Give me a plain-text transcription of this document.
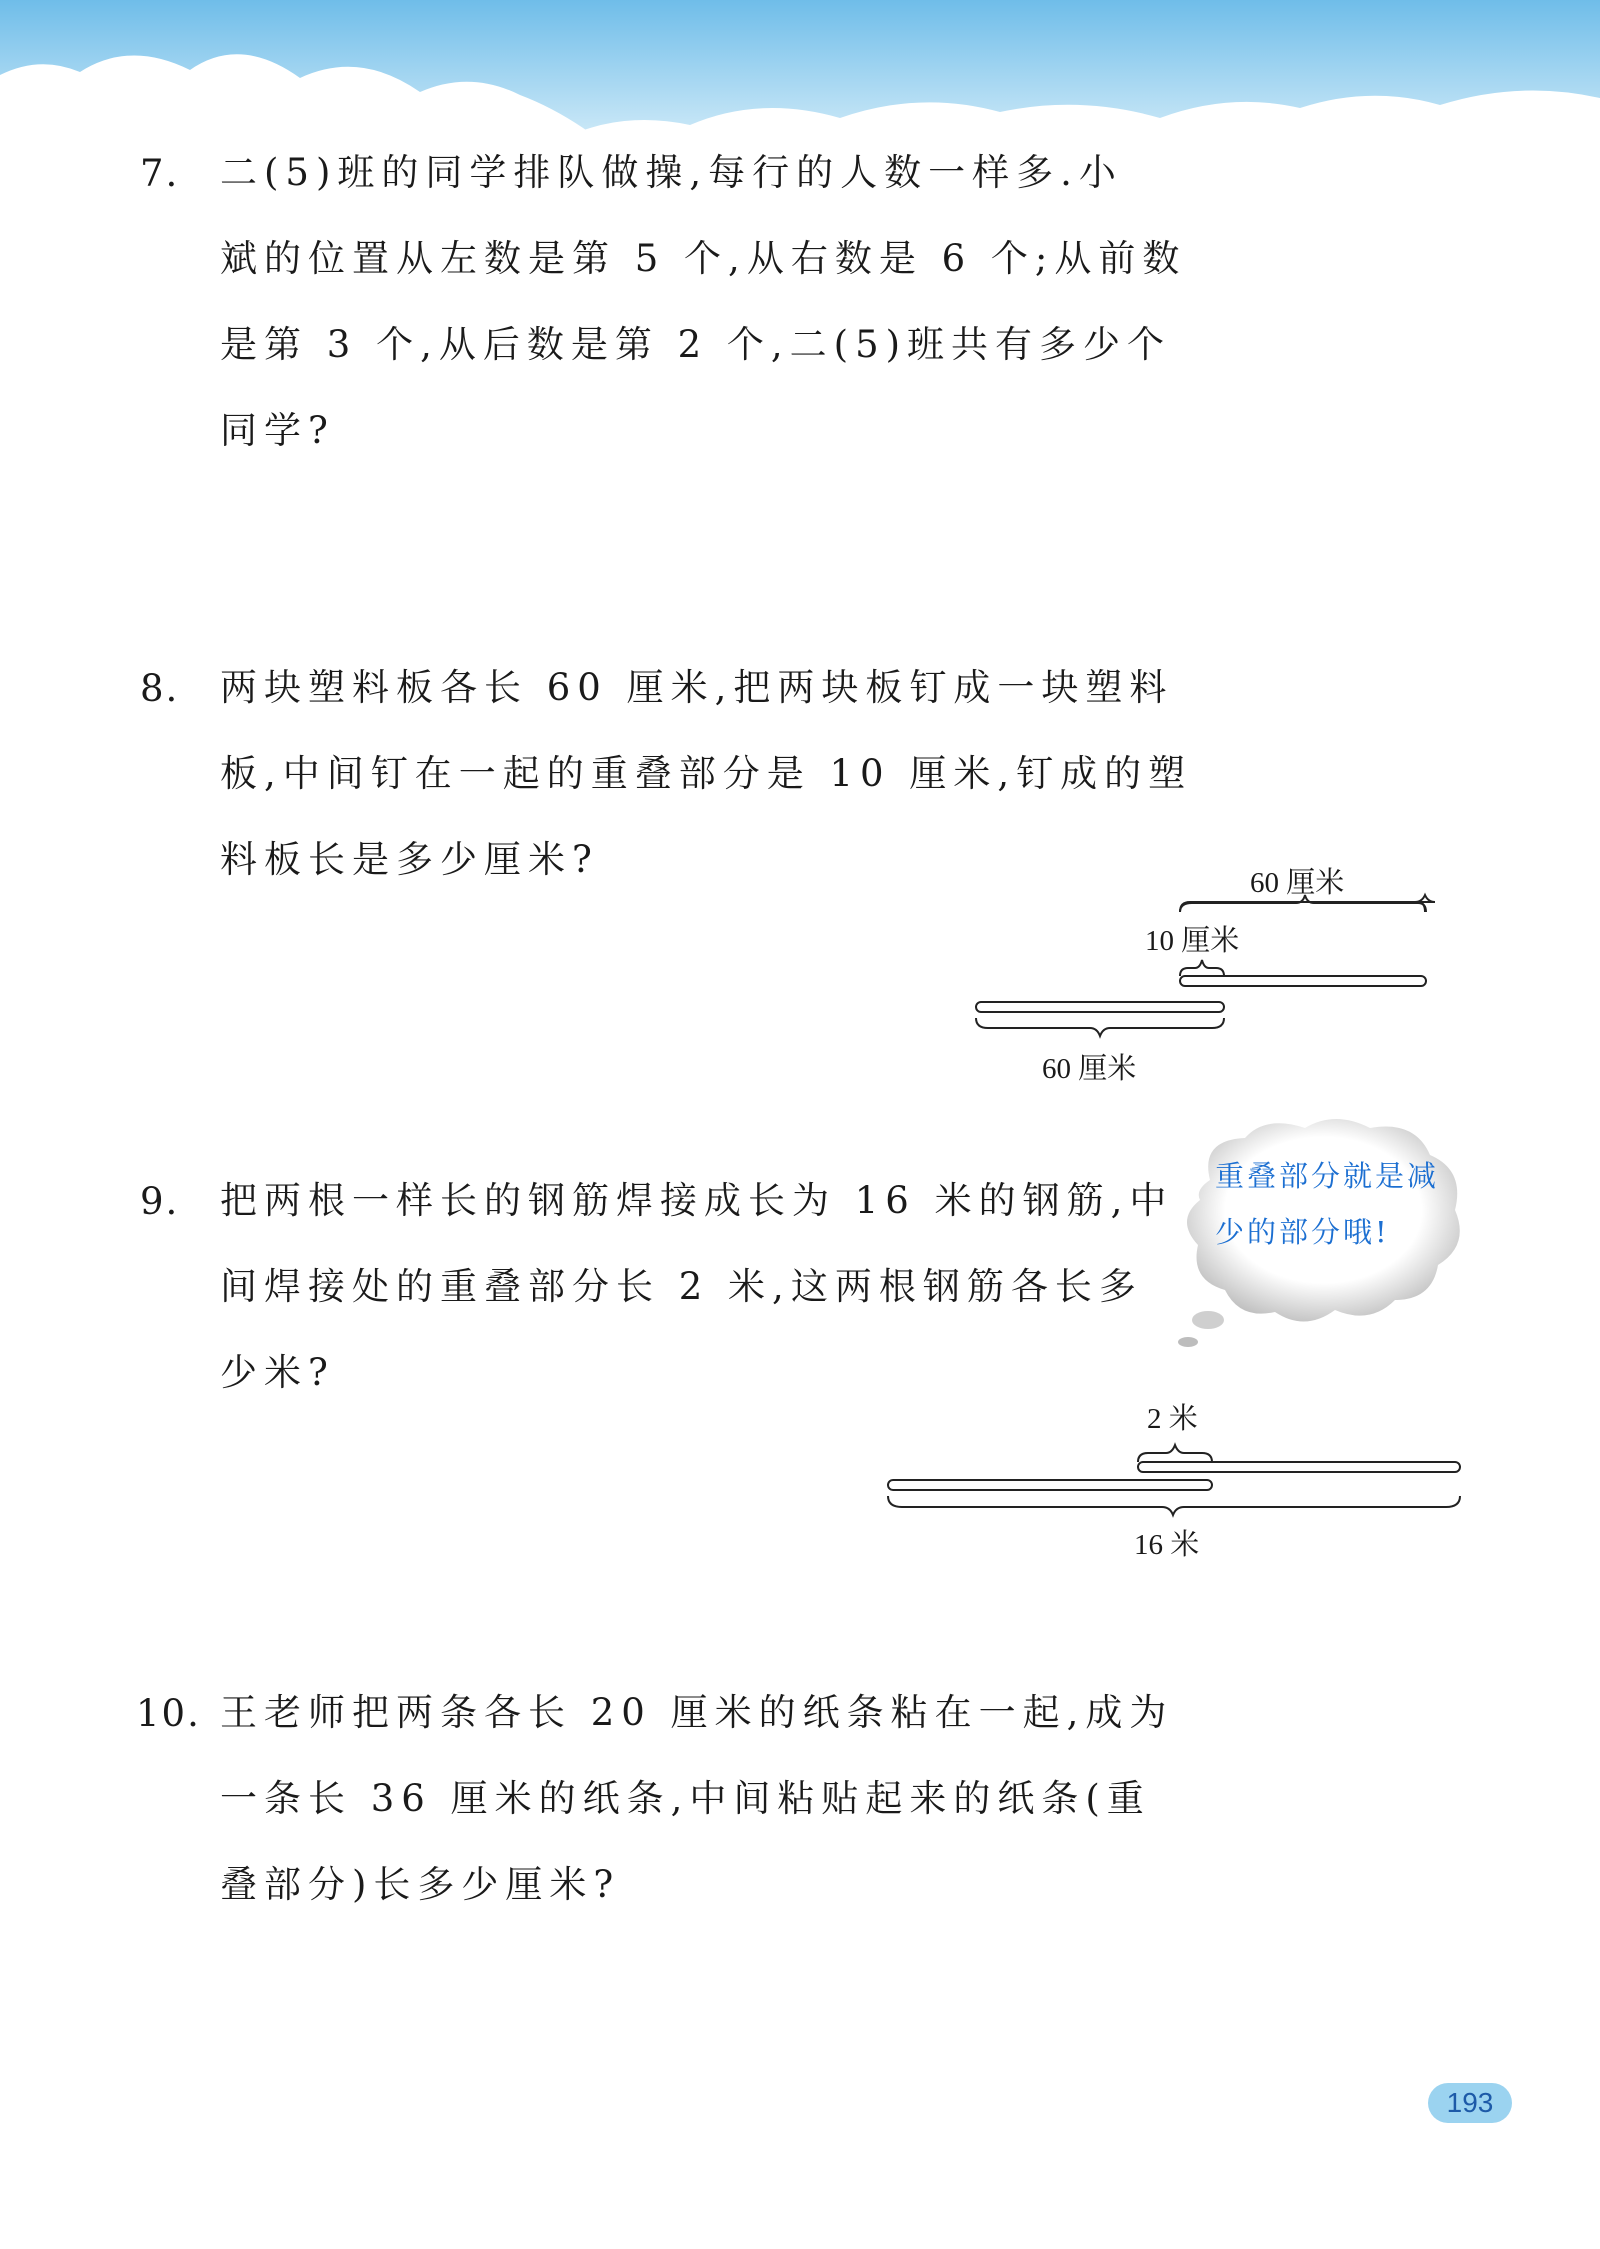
7. 二(5)班的同学排队做操,每行的人数一样多.小
斌的位置从左数是第 5 个,从右数是 6 个;从前数
是第 3 个,从后数是第 2 个,二(5)班共有多少个
同学?
8. 两块塑料板各长 60 厘米,把两块板钉成一块塑料
板,中间钉在一起的重叠部分是 10 厘米,钉成的塑
料板长是多少厘米?
60 厘米
10 厘米
60 厘米
2 米
16 米
9. 把两根一样长的钢筋焊接成长为 16 米的钢筋,中
间焊接处的重叠部分长 2 米,这两根钢筋各长多
少米?
重叠部分就是减
少的部分哦!
10. 王老师把两条各长 20 厘米的纸条粘在一起,成为
一条长 36 厘米的纸条,中间粘贴起来的纸条(重
叠部分)长多少厘米?
193
